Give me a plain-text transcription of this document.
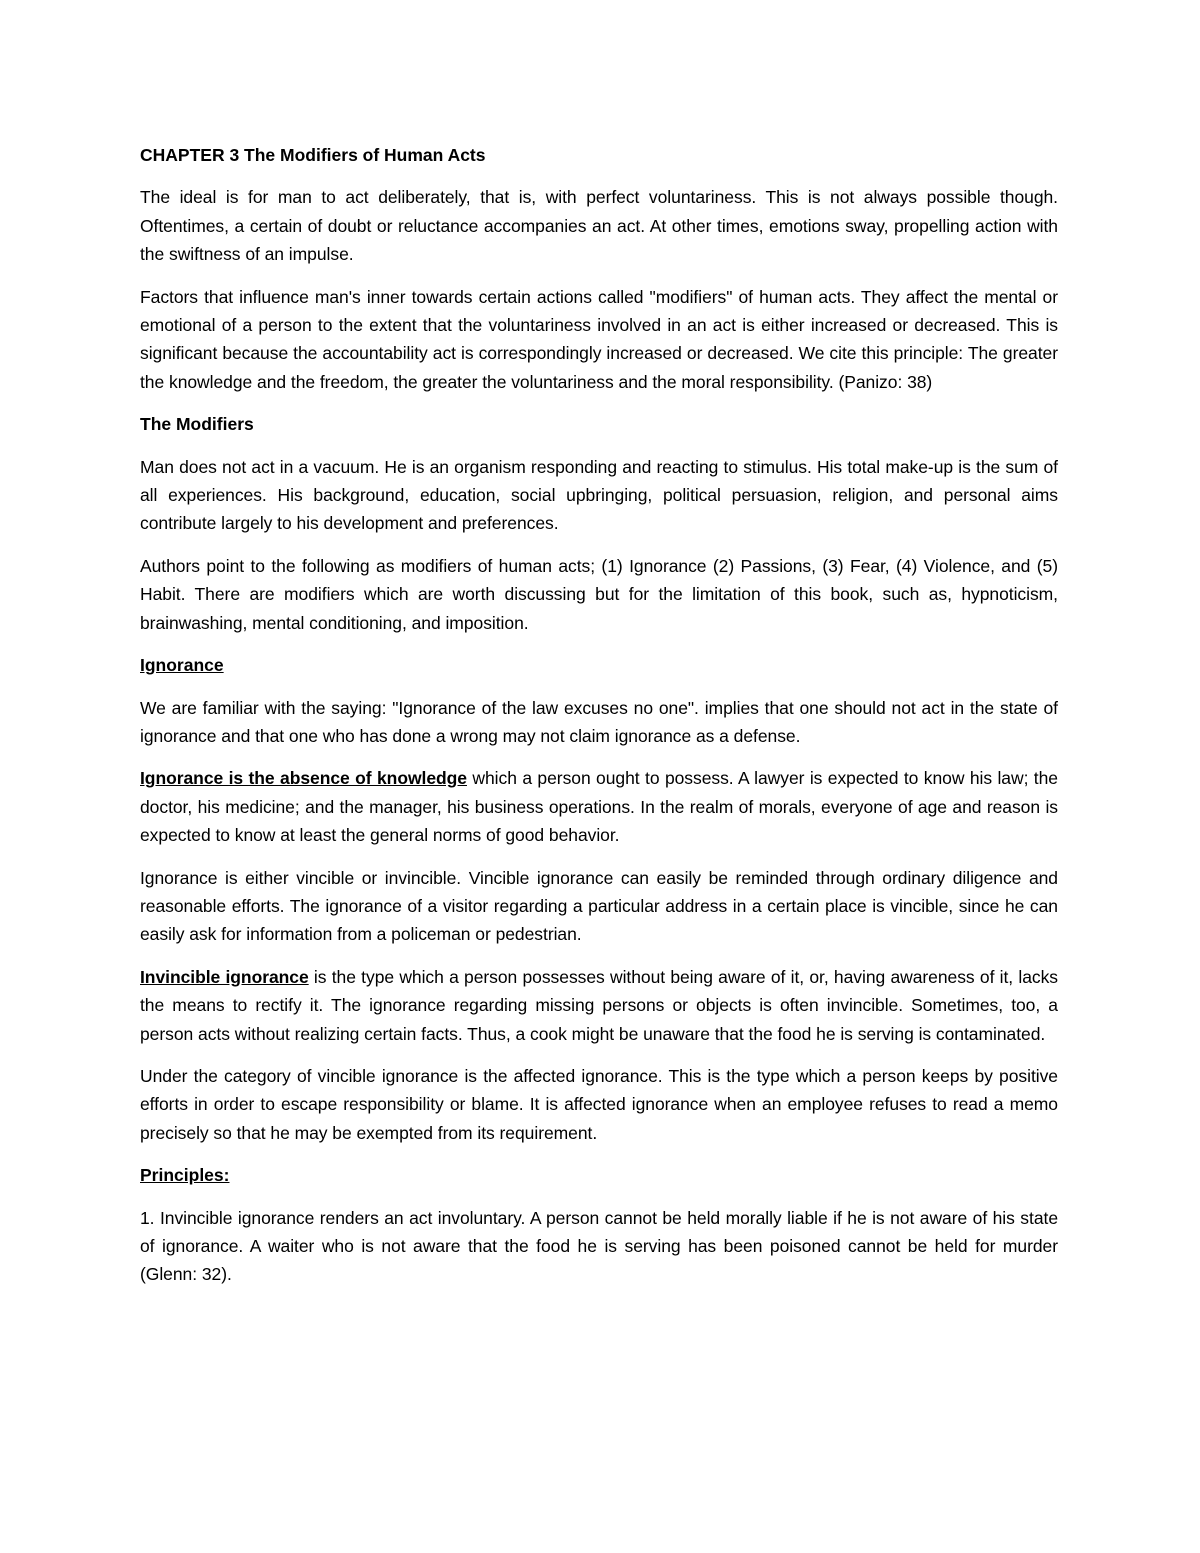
CHAPTER 3 The Modifiers of Human Acts

The ideal is for man to act deliberately, that is, with perfect voluntariness. This is not always possible though. Oftentimes, a certain of doubt or reluctance accompanies an act. At other times, emotions sway, propelling action with the swiftness of an impulse.

Factors that influence man's inner towards certain actions called "modifiers" of human acts. They affect the mental or emotional of a person to the extent that the voluntariness involved in an act is either increased or decreased. This is significant because the accountability act is correspondingly increased or decreased. We cite this principle: The greater the knowledge and the freedom, the greater the voluntariness and the moral responsibility. (Panizo: 38)

The Modifiers

Man does not act in a vacuum. He is an organism responding and reacting to stimulus. His total make-up is the sum of all experiences. His background, education, social upbringing, political persuasion, religion, and personal aims contribute largely to his development and preferences.

Authors point to the following as modifiers of human acts; (1) Ignorance (2) Passions, (3) Fear, (4) Violence, and (5) Habit. There are modifiers which are worth discussing but for the limitation of this book, such as, hypnoticism, brainwashing, mental conditioning, and imposition.

Ignorance

We are familiar with the saying: "Ignorance of the law excuses no one". implies that one should not act in the state of ignorance and that one who has done a wrong may not claim ignorance as a defense.

Ignorance is the absence of knowledge which a person ought to possess. A lawyer is expected to know his law; the doctor, his medicine; and the manager, his business operations. In the realm of morals, everyone of age and reason is expected to know at least the general norms of good behavior.

Ignorance is either vincible or invincible. Vincible ignorance can easily be reminded through ordinary diligence and reasonable efforts. The ignorance of a visitor regarding a particular address in a certain place is vincible, since he can easily ask for information from a policeman or pedestrian.

Invincible ignorance is the type which a person possesses without being aware of it, or, having awareness of it, lacks the means to rectify it. The ignorance regarding missing persons or objects is often invincible. Sometimes, too, a person acts without realizing certain facts. Thus, a cook might be unaware that the food he is serving is contaminated.

Under the category of vincible ignorance is the affected ignorance. This is the type which a person keeps by positive efforts in order to escape responsibility or blame. It is affected ignorance when an employee refuses to read a memo precisely so that he may be exempted from its requirement.

Principles:

1. Invincible ignorance renders an act involuntary. A person cannot be held morally liable if he is not aware of his state of ignorance. A waiter who is not aware that the food he is serving has been poisoned cannot be held for murder (Glenn: 32).
